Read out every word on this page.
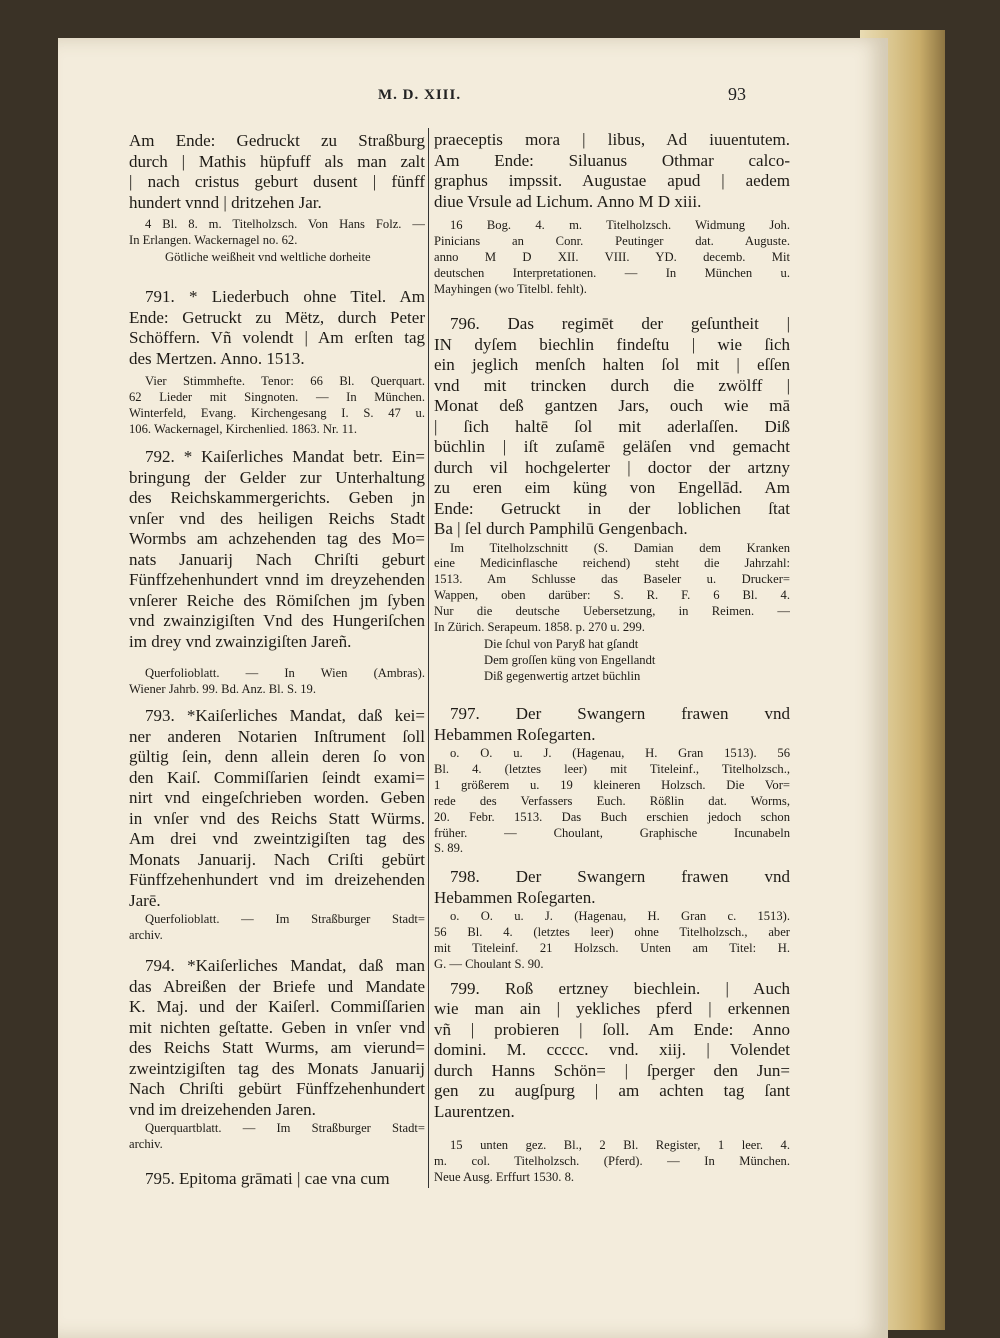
M. D. XIII.	93
Am Ende: Gedruckt zu Straßburg
durch | Mathis hüpfuff als man zalt
| nach cristus geburt dusent | fünff
hundert vnnd | dritzehen Jar.
4 Bl. 8. m. Titelholzsch. Von Hans Folz. —
In Erlangen. Wackernagel no. 62.
Götliche weißheit vnd weltliche dorheite
791. * Liederbuch ohne Titel. Am
Ende: Getruckt zu Mëtz, durch Peter
Schöffern. Vñ volendt | Am erſten tag
des Mertzen. Anno. 1513.
Vier Stimmhefte. Tenor: 66 Bl. Querquart.
62 Lieder mit Singnoten. — In München.
Winterfeld, Evang. Kirchengesang I. S. 47 u.
106. Wackernagel, Kirchenlied. 1863. Nr. 11.
792. * Kaiſerliches Mandat betr. Ein=
bringung der Gelder zur Unterhaltung
des Reichskammergerichts. Geben jn
vnſer vnd des heiligen Reichs Stadt
Wormbs am achzehenden tag des Mo=
nats Januarij Nach Chriſti geburt
Fünffzehenhundert vnnd im dreyzehenden
vnſerer Reiche des Römiſchen jm ſyben
vnd zwainzigiſten Vnd des Hungeriſchen
im drey vnd zwainzigiſten Jareñ.
Querfolioblatt. — In Wien (Ambras).
Wiener Jahrb. 99. Bd. Anz. Bl. S. 19.
793. *Kaiſerliches Mandat, daß kei=
ner anderen Notarien Inſtrument ſoll
gültig ſein, denn allein deren ſo von
den Kaiſ. Commiſſarien ſeindt exami=
nirt vnd eingeſchrieben worden. Geben
in vnſer vnd des Reichs Statt Würms.
Am drei vnd zweintzigiſten tag des
Monats Januarij. Nach Criſti gebürt
Fünffzehenhundert vnd im dreizehenden
Jarē.
Querfolioblatt. — Im Straßburger Stadt=
archiv.
794. *Kaiſerliches Mandat, daß man
das Abreißen der Briefe und Mandate
K. Maj. und der Kaiſerl. Commiſſarien
mit nichten geſtatte. Geben in vnſer vnd
des Reichs Statt Wurms, am vierund=
zweintzigiſten tag des Monats Januarij
Nach Chriſti gebürt Fünffzehenhundert
vnd im dreizehenden Jaren.
Querquartblatt. — Im Straßburger Stadt=
archiv.
795. Epitoma grāmati | cae vna cum
praeceptis mora | libus, Ad iuuentutem.
Am Ende: Siluanus Othmar calco-
graphus impssit. Augustae apud | aedem
diue Vrsule ad Lichum. Anno M D xiii.
16 Bog. 4. m. Titelholzsch. Widmung Joh.
Pinicians an Conr. Peutinger dat. Auguste.
anno M D XII. VIII. YD. decemb. Mit
deutschen Interpretationen. — In München u.
Mayhingen (wo Titelbl. fehlt).
796. Das regimēt der geſuntheit |
IN dyſem biechlin findeſtu | wie ſich
ein jeglich menſch halten ſol mit | eſſen
vnd mit trincken durch die zwölff |
Monat deß gantzen Jars, ouch wie mā
| ſich haltē ſol mit aderlaſſen. Diß
büchlin | iſt zuſamē geläſen vnd gemacht
durch vil hochgelerter | doctor der artzny
zu eren eim küng von Engellād. Am
Ende: Getruckt in der loblichen ſtat
Ba | ſel durch Pamphilū Gengenbach.
Im Titelholzschnitt (S. Damian dem Kranken
eine Medicinflasche reichend) steht die Jahrzahl:
1513. Am Schlusse das Baseler u. Drucker=
Wappen, oben darüber: S. R. F. 6 Bl. 4.
Nur die deutsche Uebersetzung, in Reimen. —
In Zürich. Serapeum. 1858. p. 270 u. 299.
Die ſchul von Paryß hat gſandt
Dem groſſen küng von Engellandt
Diß gegenwertig artzet büchlin
797. Der Swangern frawen vnd
Hebammen Roſegarten.
o. O. u. J. (Hagenau, H. Gran 1513). 56
Bl. 4. (letztes leer) mit Titeleinf., Titelholzsch.,
1 größerem u. 19 kleineren Holzsch. Die Vor=
rede des Verfassers Euch. Rößlin dat. Worms,
20. Febr. 1513. Das Buch erschien jedoch schon
früher. — Choulant, Graphische Incunabeln
S. 89.
798. Der Swangern frawen vnd
Hebammen Roſegarten.
o. O. u. J. (Hagenau, H. Gran c. 1513).
56 Bl. 4. (letztes leer) ohne Titelholzsch., aber
mit Titeleinf. 21 Holzsch. Unten am Titel: H.
G. — Choulant S. 90.
799. Roß ertzney biechlein. | Auch
wie man ain | yekliches pferd | erkennen
vñ | probieren | ſoll. Am Ende: Anno
domini. M. ccccc. vnd. xiij. | Volendet
durch Hanns Schön= | ſperger den Jun=
gen zu augſpurg | am achten tag ſant
Laurentzen.
15 unten gez. Bl., 2 Bl. Register, 1 leer. 4.
m. col. Titelholzsch. (Pferd). — In München.
Neue Ausg. Erffurt 1530. 8.
